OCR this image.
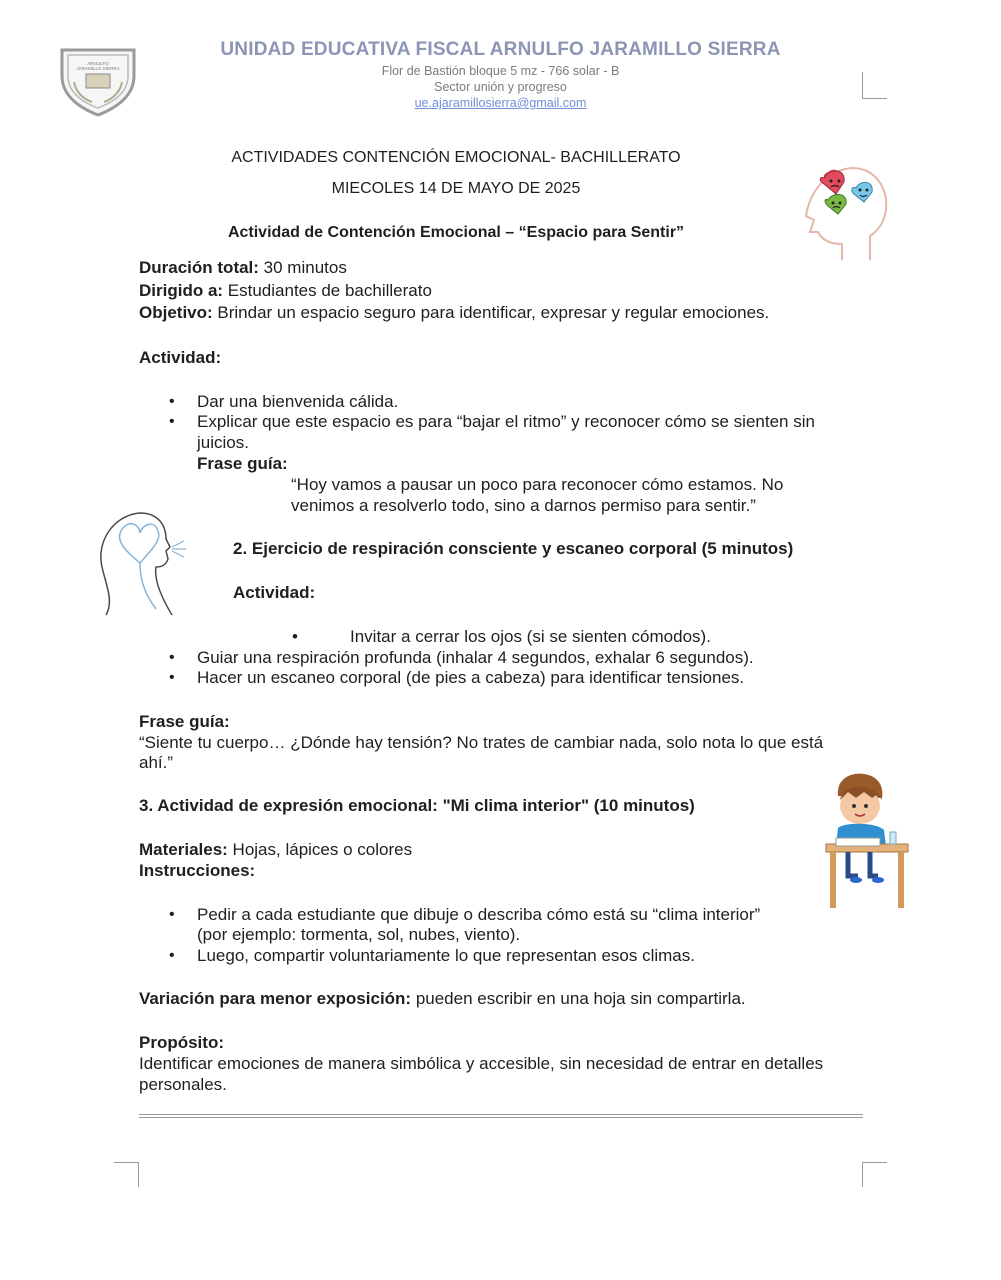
ARNULFO JARAMILLO SIERRA
UNIDAD EDUCATIVA FISCAL ARNULFO JARAMILLO SIERRA
Flor de Bastión bloque 5 mz - 766 solar - B
Sector unión y progreso
ue.ajaramillosierra@gmail.com
ACTIVIDADES CONTENCIÓN EMOCIONAL- BACHILLERATO
MIECOLES 14 DE MAYO DE 2025
Actividad de Contención Emocional – “Espacio para Sentir”
Duración total: 30 minutos
Dirigido a: Estudiantes de bachillerato
Objetivo: Brindar un espacio seguro para identificar, expresar y regular emociones.
Actividad:
• Dar una bienvenida cálida.
• Explicar que este espacio es para “bajar el ritmo” y reconocer cómo se sienten sin
juicios.
Frase guía:
“Hoy vamos a pausar un poco para reconocer cómo estamos. No
venimos a resolverlo todo, sino a darnos permiso para sentir.”
2. Ejercicio de respiración consciente y escaneo corporal (5 minutos)
Actividad:
•	Invitar a cerrar los ojos (si se sienten cómodos).
• Guiar una respiración profunda (inhalar 4 segundos, exhalar 6 segundos).
• Hacer un escaneo corporal (de pies a cabeza) para identificar tensiones.
Frase guía:
“Siente tu cuerpo… ¿Dónde hay tensión? No trates de cambiar nada, solo nota lo que está
ahí.”
3. Actividad de expresión emocional: "Mi clima interior" (10 minutos)
Materiales: Hojas, lápices o colores
Instrucciones:
• Pedir a cada estudiante que dibuje o describa cómo está su “clima interior”
(por ejemplo: tormenta, sol, nubes, viento).
• Luego, compartir voluntariamente lo que representan esos climas.
Variación para menor exposición: pueden escribir en una hoja sin compartirla.
Propósito:
Identificar emociones de manera simbólica y accesible, sin necesidad de entrar en detalles
personales.
